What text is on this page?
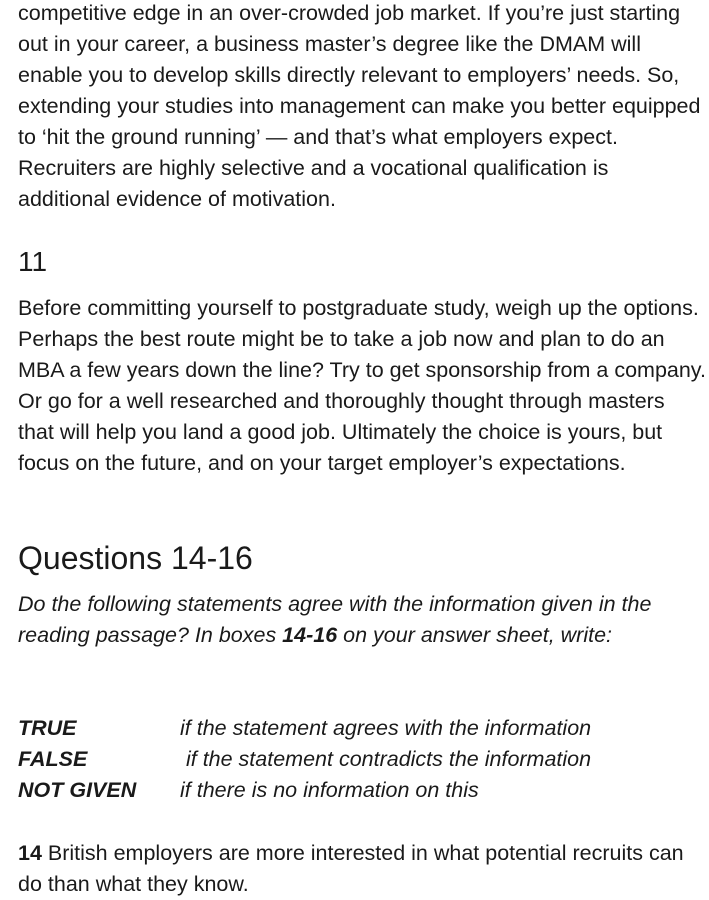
competitive edge in an over-crowded job market. If you’re just starting out in your career, a business master’s degree like the DMAM will enable you to develop skills directly relevant to employers’ needs. So, extending your studies into management can make you better equipped to ‘hit the ground running’ — and that’s what employers expect. Recruiters are highly selective and a vocational qualification is additional evidence of motivation.

11

Before committing yourself to postgraduate study, weigh up the options. Perhaps the best route might be to take a job now and plan to do an MBA a few years down the line? Try to get sponsorship from a company. Or go for a well researched and thoroughly thought through masters that will help you land a good job. Ultimately the choice is yours, but focus on the future, and on your target employer’s expectations.

Questions 14-16

Do the following statements agree with the information given in the reading passage? In boxes 14-16 on your answer sheet, write:

TRUE	if the statement agrees with the information
FALSE	if the statement contradicts the information
NOT GIVEN	if there is no information on this

14 British employers are more interested in what potential recruits can do than what they know.
